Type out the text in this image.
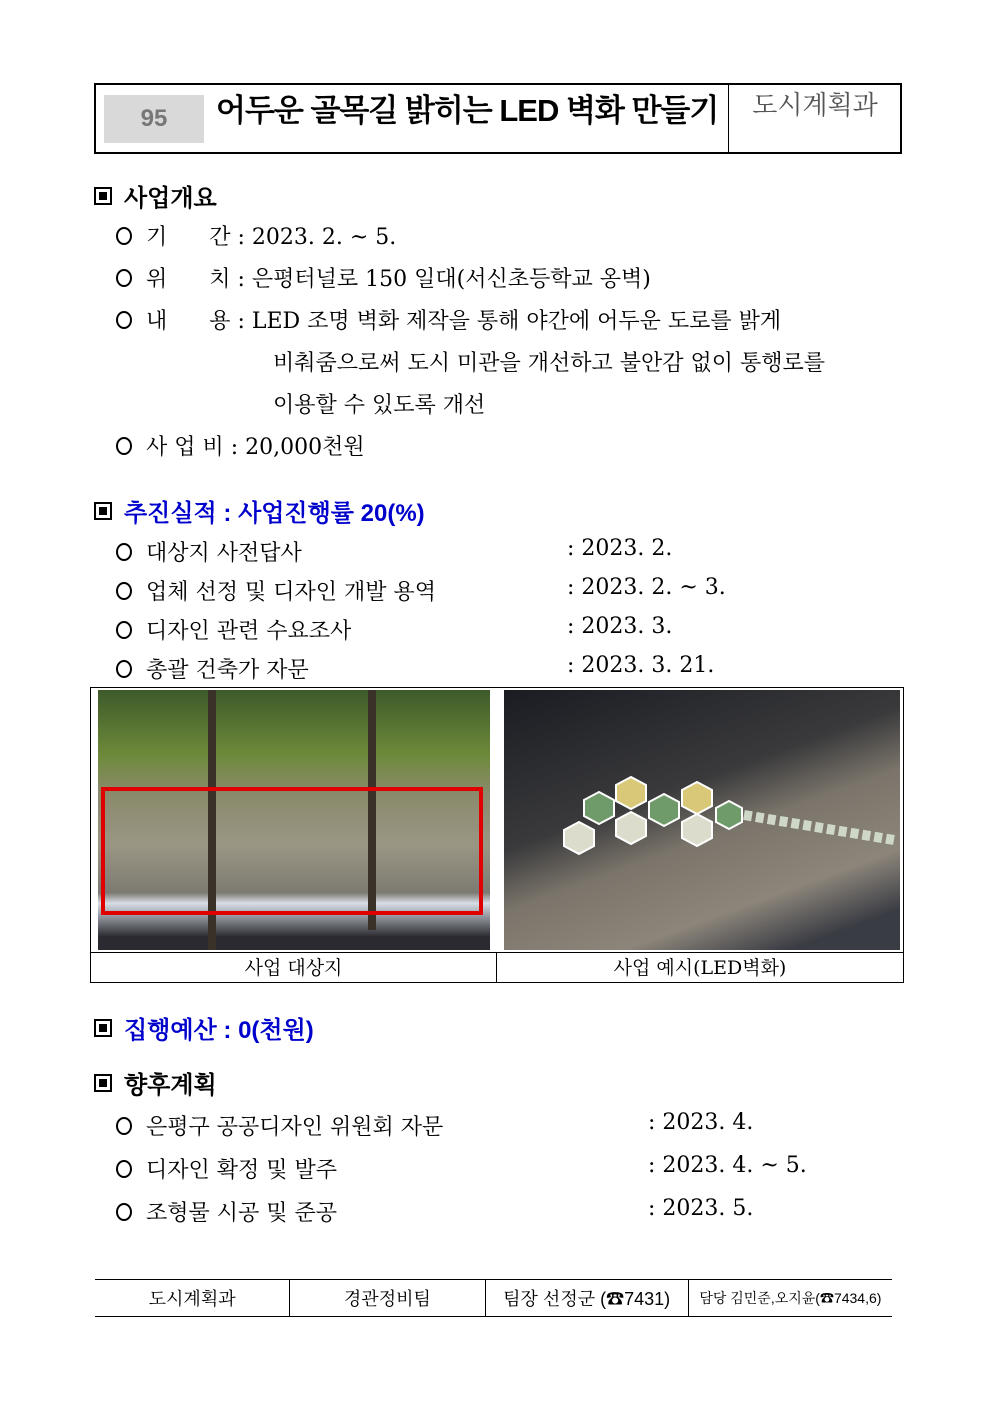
95	어두운 골목길 밝히는 LED 벽화 만들기	도시계획과
사업개요
기      간 : 2023. 2. ~ 5.
위      치 : 은평터널로 150 일대(서신초등학교 옹벽)
내      용 : LED 조명 벽화 제작을 통해 야간에 어두운 도로를 밝게
비춰줌으로써 도시 미관을 개선하고 불안감 없이 통행로를
이용할 수 있도록 개선
사 업 비 : 20,000천원
추진실적 : 사업진행률 20(%)
사업 대상지	사업 예시(LED벽화)
집행예산 : 0(천원)
향후계획
도시계획과	경관정비팀	팀장 선정군 (☎7431)	담당 김민준,오지윤(☎7434,6)
대상지 사전답사	: 2023. 2.
업체 선정 및 디자인 개발 용역	: 2023. 2. ~ 3.
디자인 관련 수요조사	: 2023. 3.
총괄 건축가 자문	: 2023. 3. 21.
은평구 공공디자인 위원회 자문	: 2023. 4.
디자인 확정 및 발주	: 2023. 4. ~ 5.
조형물 시공 및 준공	: 2023. 5.
